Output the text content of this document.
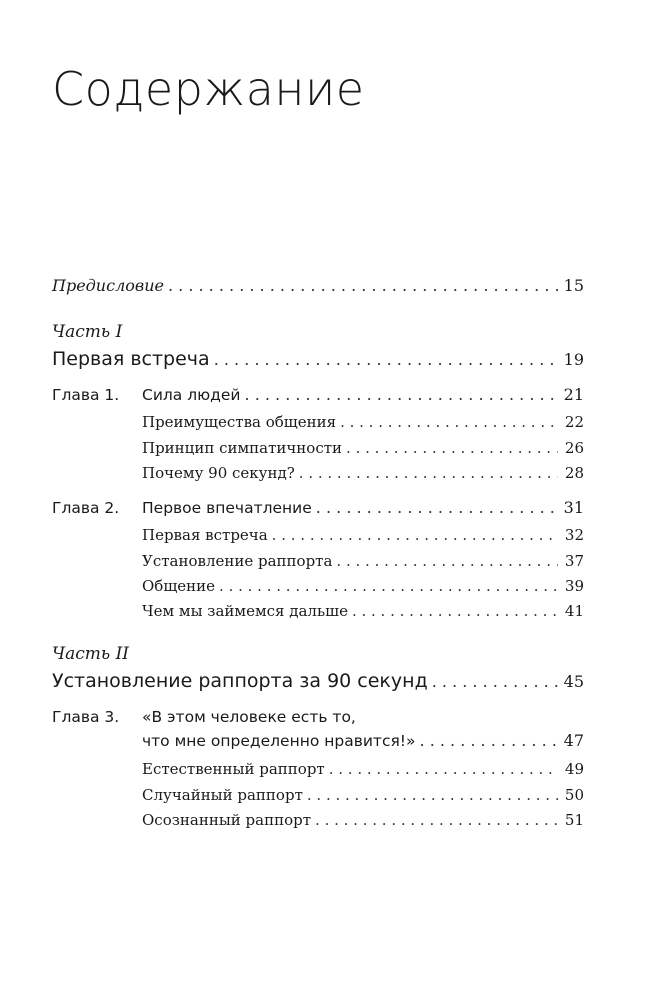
Содержание
Предисловие . . .	15
Часть I
Первая встреча . . .	19
Глава 1. Сила людей . . .	21
Преимущества общения . . .	22
Принцип симпатичности . . .	26
Почему 90 секунд? . . .	28
Глава 2. Первое впечатление . . .	31
Первая встреча . . .	32
Установление раппорта . . .	37
Общение . . .	39
Чем мы займемся дальше . . .	41
Часть II
Установление раппорта за 90 секунд . . .	45
Глава 3. «В этом человеке есть то,
что мне определенно нравится!» . . .	47
Естественный раппорт . . .	49
Случайный раппорт . . .	50
Осознанный раппорт . . .	51
